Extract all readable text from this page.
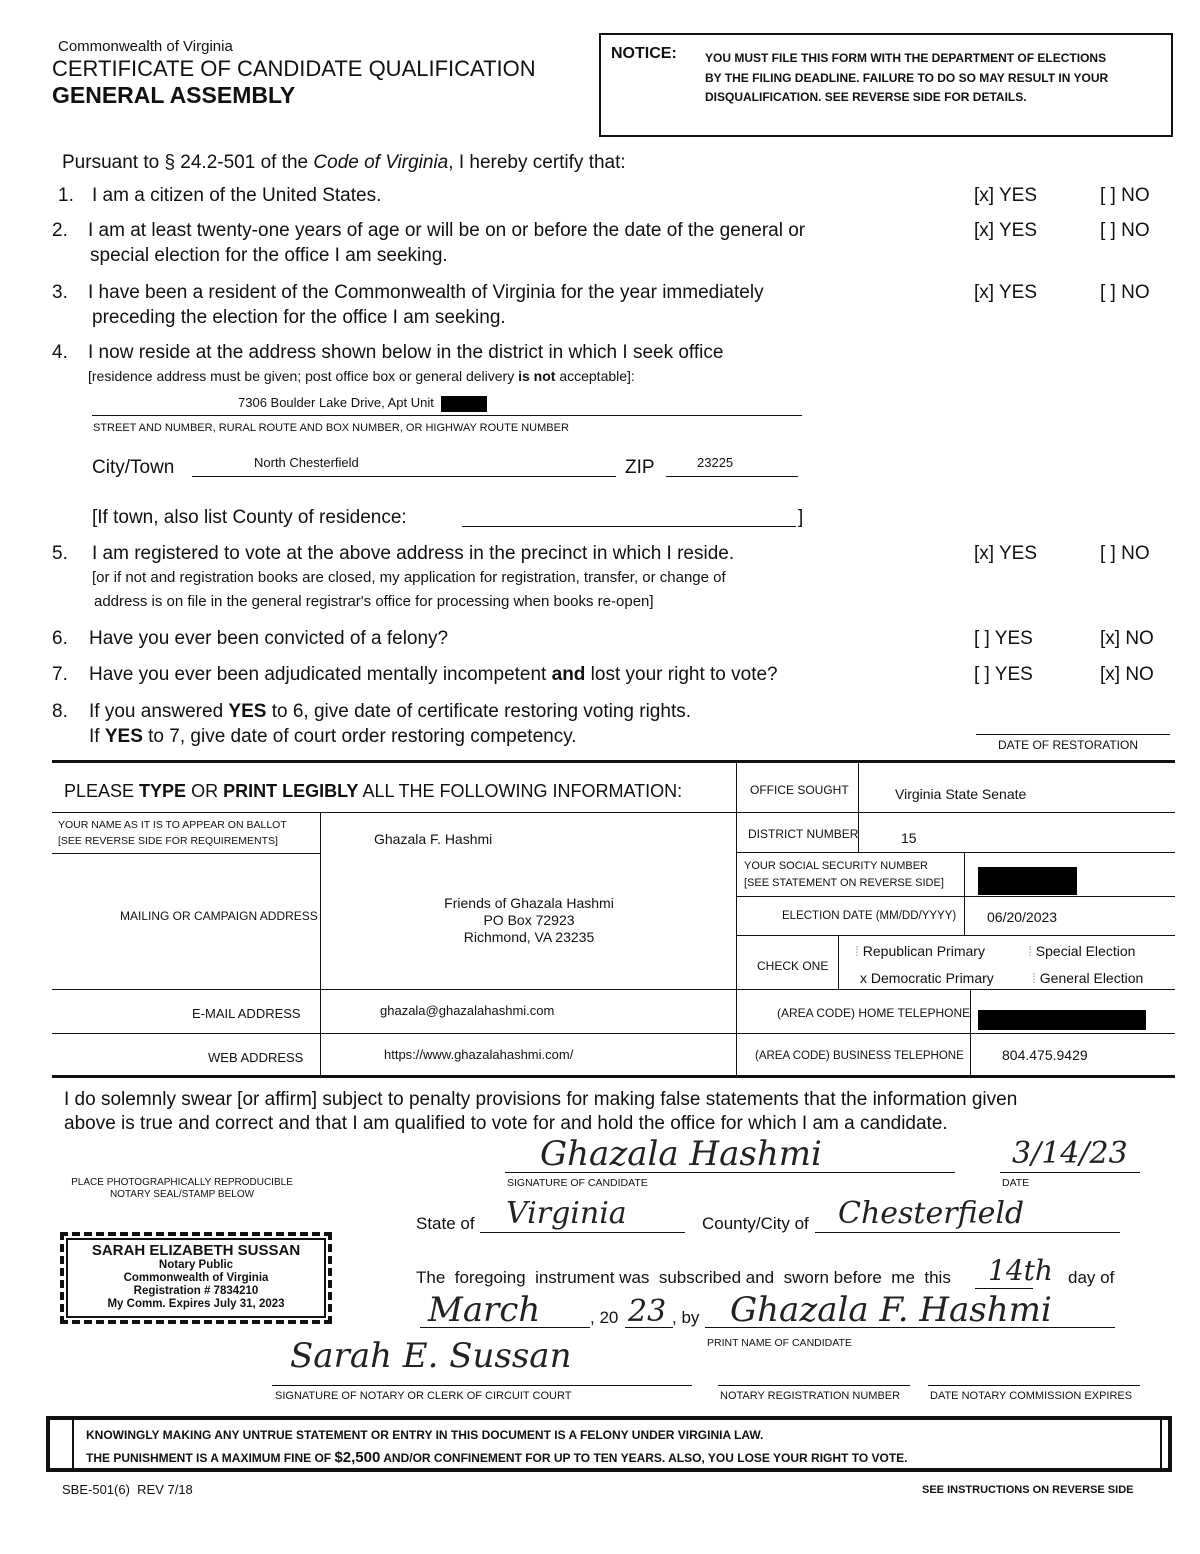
Commonwealth of Virginia
CERTIFICATE OF CANDIDATE QUALIFICATION
GENERAL ASSEMBLY
NOTICE: YOU MUST FILE THIS FORM WITH THE DEPARTMENT OF ELECTIONS BY THE FILING DEADLINE. FAILURE TO DO SO MAY RESULT IN YOUR DISQUALIFICATION. SEE REVERSE SIDE FOR DETAILS.
Pursuant to § 24.2-501 of the Code of Virginia, I hereby certify that:
1. I am a citizen of the United States.	[x] YES	[ ] NO
2. I am at least twenty-one years of age or will be on or before the date of the general or
special election for the office I am seeking.
[x] YES	[ ] NO
3. I have been a resident of the Commonwealth of Virginia for the year immediately
preceding the election for the office I am seeking.
[x] YES	[ ] NO
4. I now reside at the address shown below in the district in which I seek office
[residence address must be given; post office box or general delivery is not acceptable]:
7306 Boulder Lake Drive, Apt Unit
STREET AND NUMBER, RURAL ROUTE AND BOX NUMBER, OR HIGHWAY ROUTE NUMBER
City/Town	North Chesterfield	ZIP	23225
[If town, also list County of residence:	]
5. I am registered to vote at the above address in the precinct in which I reside.
[or if not and registration books are closed, my application for registration, transfer, or change of
address is on file in the general registrar's office for processing when books re-open]
[x] YES	[ ] NO
6. Have you ever been convicted of a felony?	[ ] YES	[x] NO
7. Have you ever been adjudicated mentally incompetent and lost your right to vote?	[ ] YES	[x] NO
8. If you answered YES to 6, give date of certificate restoring voting rights.
If YES to 7, give date of court order restoring competency.	DATE OF RESTORATION
PLEASE TYPE OR PRINT LEGIBLY ALL THE FOLLOWING INFORMATION:	OFFICE SOUGHT	Virginia State Senate
YOUR NAME AS IT IS TO APPEAR ON BALLOT
[SEE REVERSE SIDE FOR REQUIREMENTS]	Ghazala F. Hashmi	DISTRICT NUMBER	15
YOUR SOCIAL SECURITY NUMBER
[SEE STATEMENT ON REVERSE SIDE]
MAILING OR CAMPAIGN ADDRESS
Friends of Ghazala Hashmi
PO Box 72923
Richmond, VA 23235
ELECTION DATE (MM/DD/YYYY) 06/20/2023
CHECK ONE
⁞ Republican Primary	⁞ Special Election
x Democratic Primary	⁞ General Election
E-MAIL ADDRESS	ghazala@ghazalahashmi.com	(AREA CODE) HOME TELEPHONE
WEB ADDRESS	https://www.ghazalahashmi.com/	(AREA CODE) BUSINESS TELEPHONE	804.475.9429
I do solemnly swear [or affirm] subject to penalty provisions for making false statements that the information given
above is true and correct and that I am qualified to vote for and hold the office for which I am a candidate.
PLACE PHOTOGRAPHICALLY REPRODUCIBLE
NOTARY SEAL/STAMP BELOW
Ghazala Hashmi
SIGNATURE OF CANDIDATE
3/14/23
DATE
SARAH ELIZABETH SUSSAN
Notary Public
Commonwealth of Virginia
Registration # 7834210
My Comm. Expires July 31, 2023
State of Virginia	County/City of Chesterfield
The  foregoing  instrument was  subscribed and  sworn before  me  this 14th day of
March	, 20 23 , by Ghazala F. Hashmi
PRINT NAME OF CANDIDATE
Sarah E. Sussan
SIGNATURE OF NOTARY OR CLERK OF CIRCUIT COURT	NOTARY REGISTRATION NUMBER	DATE NOTARY COMMISSION EXPIRES
KNOWINGLY MAKING ANY UNTRUE STATEMENT OR ENTRY IN THIS DOCUMENT IS A FELONY UNDER VIRGINIA LAW.
THE PUNISHMENT IS A MAXIMUM FINE OF $2,500 AND/OR CONFINEMENT FOR UP TO TEN YEARS. ALSO, YOU LOSE YOUR RIGHT TO VOTE.
SBE-501(6)  REV 7/18	SEE INSTRUCTIONS ON REVERSE SIDE
